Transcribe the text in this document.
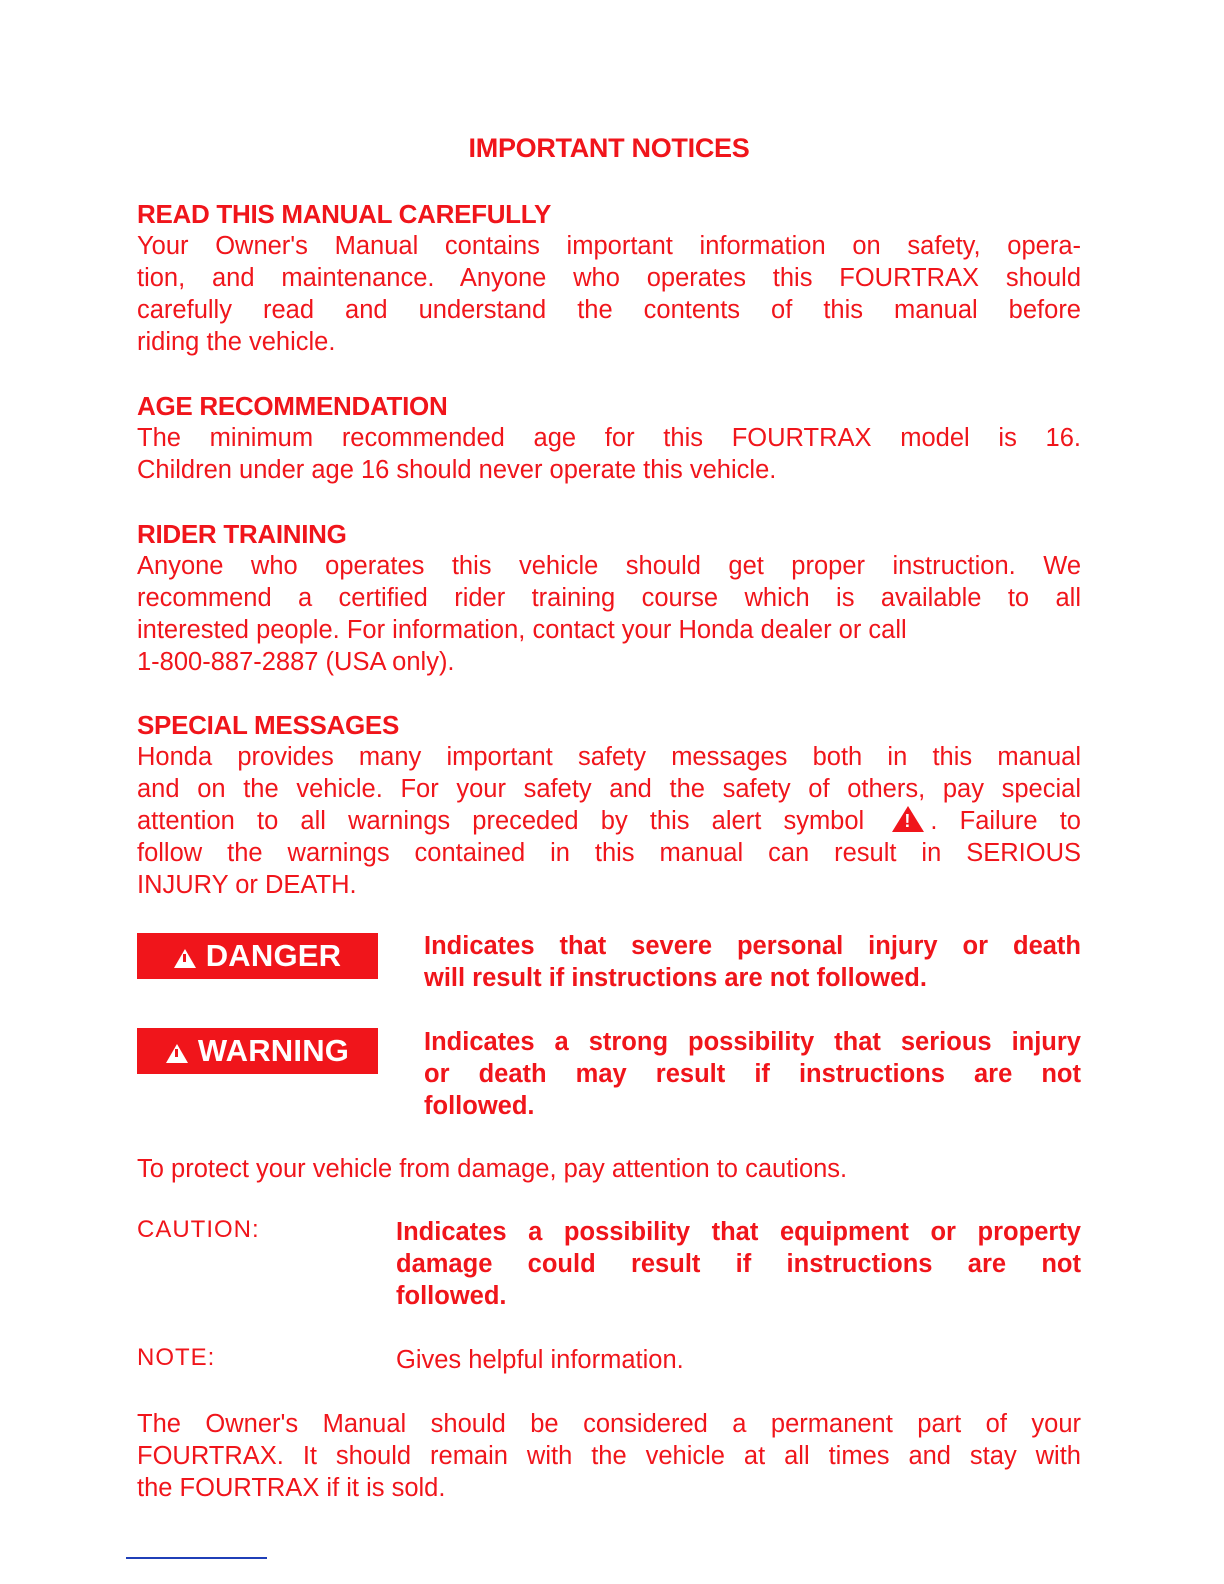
IMPORTANT NOTICES
READ THIS MANUAL CAREFULLY
Your Owner's Manual contains important information on safety, opera-
tion, and maintenance. Anyone who operates this FOURTRAX should
carefully read and understand the contents of this manual before
riding the vehicle.
AGE RECOMMENDATION
The minimum recommended age for this FOURTRAX model is 16.
Children under age 16 should never operate this vehicle.
RIDER TRAINING
Anyone who operates this vehicle should get proper instruction. We
recommend a certified rider training course which is available to all
interested people. For information, contact your Honda dealer or call
1-800-887-2887 (USA only).
SPECIAL MESSAGES
Honda provides many important safety messages both in this manual
and on the vehicle. For your safety and the safety of others, pay special
attention to all warnings preceded by this alert symbol !	. Failure to
follow the warnings contained in this manual can result in SERIOUS
INJURY or DEATH.
DANGER	Indicates that severe personal injury or death
will result if instructions are not followed.
WARNING	Indicates a strong possibility that serious injury
or death may result if instructions are not
followed.
To protect your vehicle from damage, pay attention to cautions.
CAUTION:	Indicates a possibility that equipment or property
damage could result if instructions are not
followed.
NOTE:	Gives helpful information.
The Owner's Manual should be considered a permanent part of your
FOURTRAX. It should remain with the vehicle at all times and stay with
the FOURTRAX if it is sold.
